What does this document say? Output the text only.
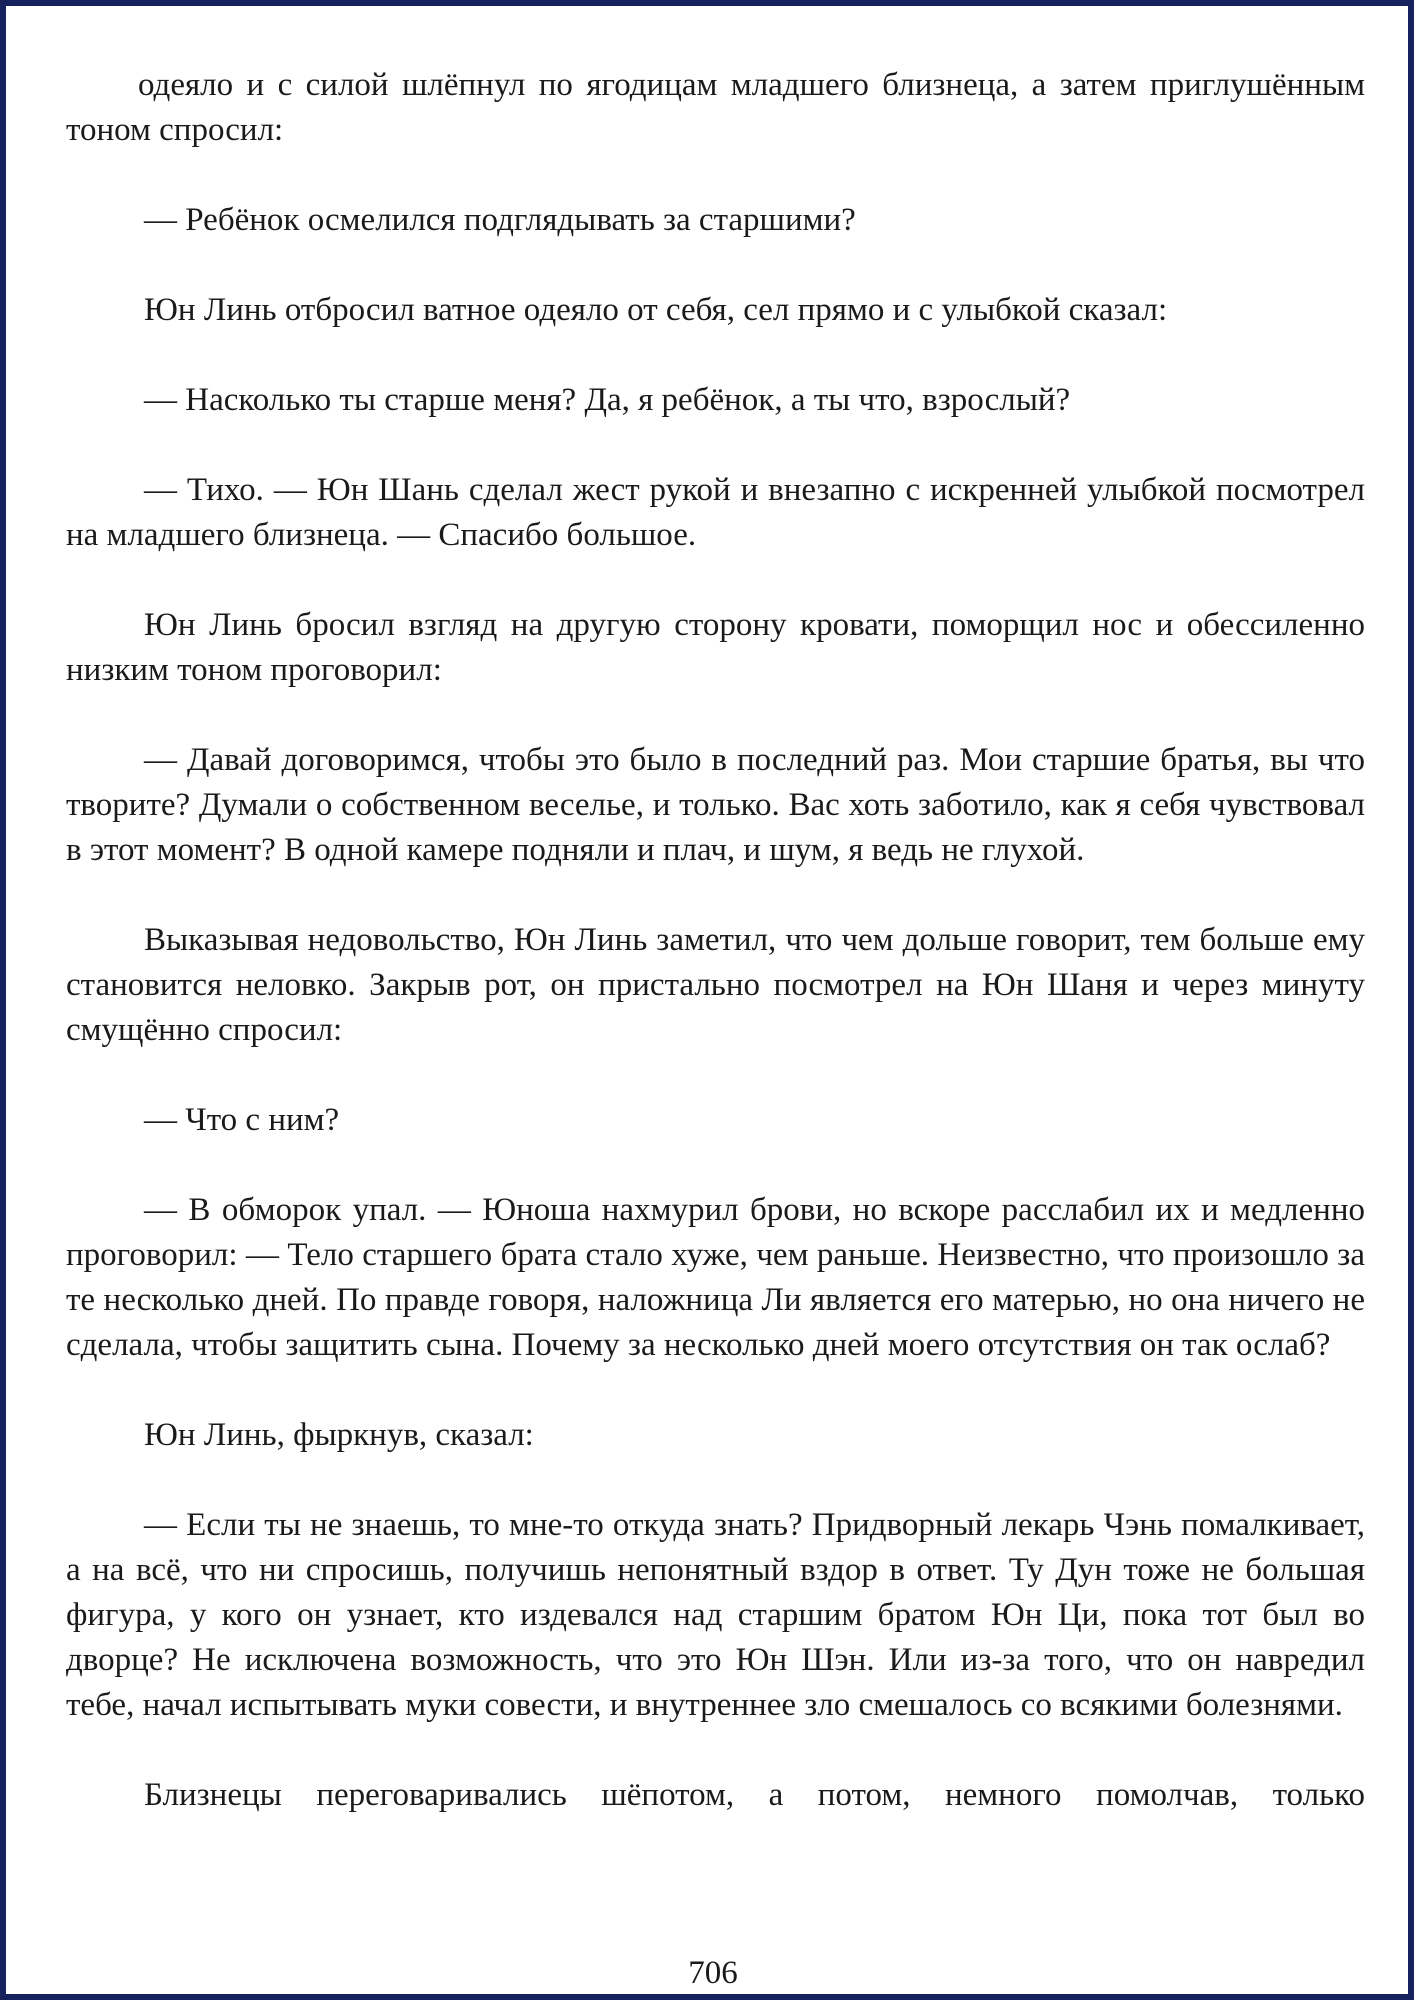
одеяло и с силой шлёпнул по ягодицам младшего близнеца, а затем приглушённым тоном спросил:

— Ребёнок осмелился подглядывать за старшими?

Юн Линь отбросил ватное одеяло от себя, сел прямо и с улыбкой сказал:

— Насколько ты старше меня? Да, я ребёнок, а ты что, взрослый?

— Тихо. — Юн Шань сделал жест рукой и внезапно с искренней улыбкой посмотрел на младшего близнеца. — Спасибо большое.

Юн Линь бросил взгляд на другую сторону кровати, поморщил нос и обессиленно низким тоном проговорил:

— Давай договоримся, чтобы это было в последний раз. Мои старшие братья, вы что творите? Думали о собственном веселье, и только. Вас хоть заботило, как я себя чувствовал в этот момент? В одной камере подняли и плач, и шум, я ведь не глухой.

Выказывая недовольство, Юн Линь заметил, что чем дольше говорит, тем больше ему становится неловко. Закрыв рот, он пристально посмотрел на Юн Шаня и через минуту смущённо спросил:

— Что с ним?

— В обморок упал. — Юноша нахмурил брови, но вскоре расслабил их и медленно проговорил: — Тело старшего брата стало хуже, чем раньше. Неизвестно, что произошло за те несколько дней. По правде говоря, наложница Ли является его матерью, но она ничего не сделала, чтобы защитить сына. Почему за несколько дней моего отсутствия он так ослаб?

Юн Линь, фыркнув, сказал:

— Если ты не знаешь, то мне-то откуда знать? Придворный лекарь Чэнь помалкивает, а на всё, что ни спросишь, получишь непонятный вздор в ответ. Ту Дун тоже не большая фигура, у кого он узнает, кто издевался над старшим братом Юн Ци, пока тот был во дворце? Не исключена возможность, что это Юн Шэн. Или из-за того, что он навредил тебе, начал испытывать муки совести, и внутреннее зло смешалось со всякими болезнями.

Близнецы переговаривались шёпотом, а потом, немного помолчав, только

706
